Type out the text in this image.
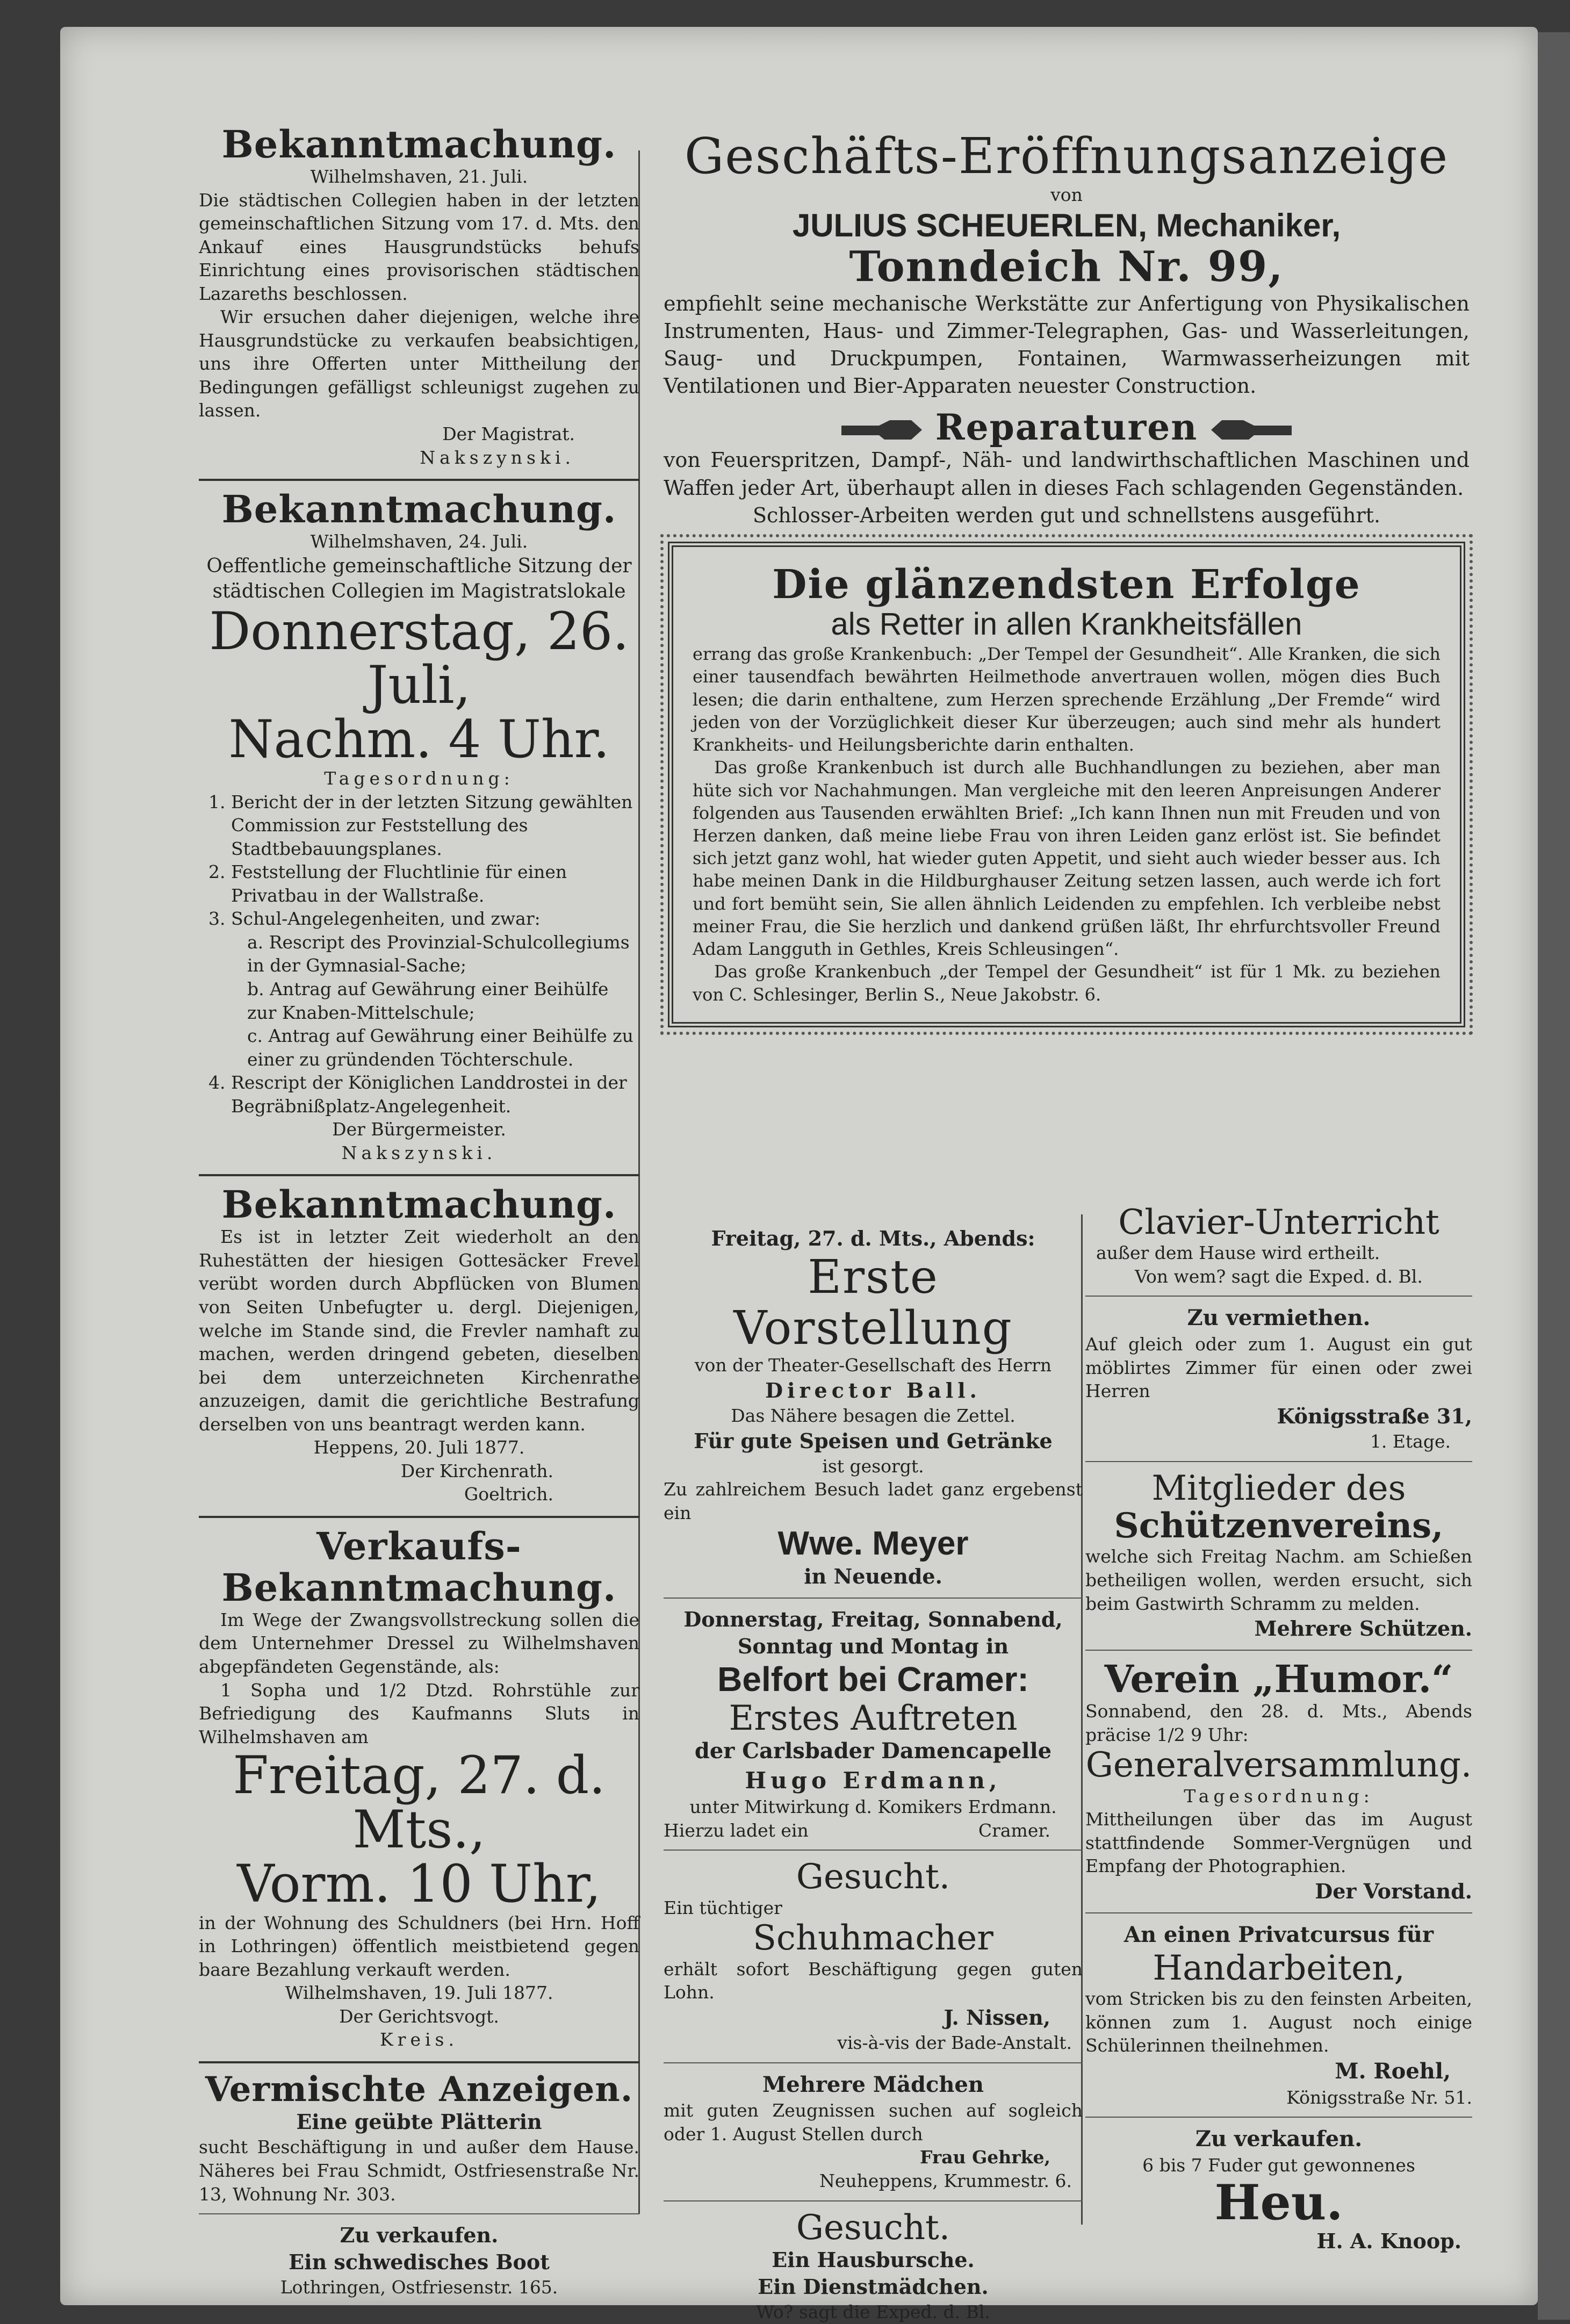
Bekanntmachung.

Wilhelmshaven, 21. Juli.

Die städtischen Collegien haben in der letzten gemeinschaftlichen Sitzung vom 17. d. Mts. den Ankauf eines Hausgrundstücks behufs Einrichtung eines provisorischen städtischen Lazareths beschlossen.

Wir ersuchen daher diejenigen, welche ihre Hausgrundstücke zu verkaufen beabsichtigen, uns ihre Offerten unter Mittheilung der Bedingungen gefälligst schleunigst zugehen zu lassen.

Der Magistrat.

Nakszynski.

Bekanntmachung.

Wilhelmshaven, 24. Juli.

Oeffentliche gemeinschaftliche Sitzung der städtischen Collegien im Magistratslokale

Donnerstag, 26. Juli,

Nachm. 4 Uhr.

Tagesordnung:

1. Bericht der in der letzten Sitzung gewählten Commission zur Feststellung des Stadtbebauungsplanes.
2. Feststellung der Fluchtlinie für einen Privatbau in der Wallstraße.
3. Schul-Angelegenheiten, und zwar:

a. Rescript des Provinzial-Schulcollegiums in der Gymnasial-Sache;

b. Antrag auf Gewährung einer Beihülfe zur Knaben-Mittelschule;

c. Antrag auf Gewährung einer Beihülfe zu einer zu gründenden Töchterschule.

4. Rescript der Königlichen Landdrostei in der Begräbnißplatz-Angelegenheit.

Der Bürgermeister.

Nakszynski.

Bekanntmachung.

Es ist in letzter Zeit wiederholt an den Ruhestätten der hiesigen Gottesäcker Frevel verübt worden durch Abpflücken von Blumen von Seiten Unbefugter u. dergl. Diejenigen, welche im Stande sind, die Frevler namhaft zu machen, werden dringend gebeten, dieselben bei dem unterzeichneten Kirchenrathe anzuzeigen, damit die gerichtliche Bestrafung derselben von uns beantragt werden kann.

Heppens, 20. Juli 1877.

Der Kirchenrath.

Goeltrich.

Verkaufs-

Bekanntmachung.

Im Wege der Zwangsvollstreckung sollen die dem Unternehmer Dressel zu Wilhelmshaven abgepfändeten Gegenstände, als:

1 Sopha und 1/2 Dtzd. Rohrstühle zur Befriedigung des Kaufmanns Sluts in Wilhelmshaven am

Freitag, 27. d. Mts.,

Vorm. 10 Uhr,

in der Wohnung des Schuldners (bei Hrn. Hoff in Lothringen) öffentlich meistbietend gegen baare Bezahlung verkauft werden.

Wilhelmshaven, 19. Juli 1877.

Der Gerichtsvogt.

Kreis.

Vermischte Anzeigen.

Eine geübte Plätterin

sucht Beschäftigung in und außer dem Hause. Näheres bei Frau Schmidt, Ostfriesenstraße Nr. 13, Wohnung Nr. 303.

Zu verkaufen.

Ein schwedisches Boot

Lothringen, Ostfriesenstr. 165.

Geschäfts-Eröffnungsanzeige

von

JULIUS SCHEUERLEN, Mechaniker,

Tonndeich Nr. 99,

empfiehlt seine mechanische Werkstätte zur Anfertigung von Physikalischen Instrumenten, Haus- und Zimmer-Telegraphen, Gas- und Wasserleitungen, Saug- und Druckpumpen, Fontainen, Warmwasserheizungen mit Ventilationen und Bier-Apparaten neuester Construction.

Reparaturen

von Feuerspritzen, Dampf-, Näh- und landwirthschaftlichen Maschinen und Waffen jeder Art, überhaupt allen in dieses Fach schlagenden Gegenständen.

Schlosser-Arbeiten werden gut und schnellstens ausgeführt.

Die glänzendsten Erfolge

als Retter in allen Krankheitsfällen

errang das große Krankenbuch: „Der Tempel der Gesundheit“. Alle Kranken, die sich einer tausendfach bewährten Heilmethode anvertrauen wollen, mögen dies Buch lesen; die darin enthaltene, zum Herzen sprechende Erzählung „Der Fremde“ wird jeden von der Vorzüglichkeit dieser Kur überzeugen; auch sind mehr als hundert Krankheits- und Heilungsberichte darin enthalten.

Das große Krankenbuch ist durch alle Buchhandlungen zu beziehen, aber man hüte sich vor Nachahmungen. Man vergleiche mit den leeren Anpreisungen Anderer folgenden aus Tausenden erwählten Brief: „Ich kann Ihnen nun mit Freuden und von Herzen danken, daß meine liebe Frau von ihren Leiden ganz erlöst ist. Sie befindet sich jetzt ganz wohl, hat wieder guten Appetit, und sieht auch wieder besser aus. Ich habe meinen Dank in die Hildburghauser Zeitung setzen lassen, auch werde ich fort und fort bemüht sein, Sie allen ähnlich Leidenden zu empfehlen. Ich verbleibe nebst meiner Frau, die Sie herzlich und dankend grüßen läßt, Ihr ehrfurchtsvoller Freund Adam Langguth in Gethles, Kreis Schleusingen“.

Das große Krankenbuch „der Tempel der Gesundheit“ ist für 1 Mk. zu beziehen von C. Schlesinger, Berlin S., Neue Jakobstr. 6.

Freitag, 27. d. Mts., Abends:

Erste Vorstellung

von der Theater-Gesellschaft des Herrn

Director Ball.

Das Nähere besagen die Zettel.

Für gute Speisen und Getränke

ist gesorgt.

Zu zahlreichem Besuch ladet ganz ergebenst ein

Wwe. Meyer

in Neuende.

Donnerstag, Freitag, Sonnabend, Sonntag und Montag in

Belfort bei Cramer:

Erstes Auftreten

der Carlsbader Damencapelle

Hugo Erdmann,

unter Mitwirkung d. Komikers Erdmann.

Hierzu ladet ein	Cramer.

Gesucht.

Ein tüchtiger

Schuhmacher

erhält sofort Beschäftigung gegen guten Lohn.

J. Nissen,

vis-à-vis der Bade-Anstalt.

Mehrere Mädchen

mit guten Zeugnissen suchen auf sogleich oder 1. August Stellen durch

Frau Gehrke,

Neuheppens, Krummestr. 6.

Gesucht.

Ein Hausbursche.

Ein Dienstmädchen.

Wo? sagt die Exped. d. Bl.

Clavier-Unterricht

außer dem Hause wird ertheilt.

Von wem? sagt die Exped. d. Bl.

Zu vermiethen.

Auf gleich oder zum 1. August ein gut möblirtes Zimmer für einen oder zwei Herren

Königsstraße 31,

1. Etage.

Mitglieder des

Schützenvereins,

welche sich Freitag Nachm. am Schießen betheiligen wollen, werden ersucht, sich beim Gastwirth Schramm zu melden.

Mehrere Schützen.

Verein „Humor.“

Sonnabend, den 28. d. Mts., Abends präcise 1/2 9 Uhr:

Generalversammlung.

Tagesordnung:

Mittheilungen über das im August stattfindende Sommer-Vergnügen und Empfang der Photographien.

Der Vorstand.

An einen Privatcursus für

Handarbeiten,

vom Stricken bis zu den feinsten Arbeiten, können zum 1. August noch einige Schülerinnen theilnehmen.

M. Roehl,

Königsstraße Nr. 51.

Zu verkaufen.

6 bis 7 Fuder gut gewonnenes

Heu.

H. A. Knoop.
